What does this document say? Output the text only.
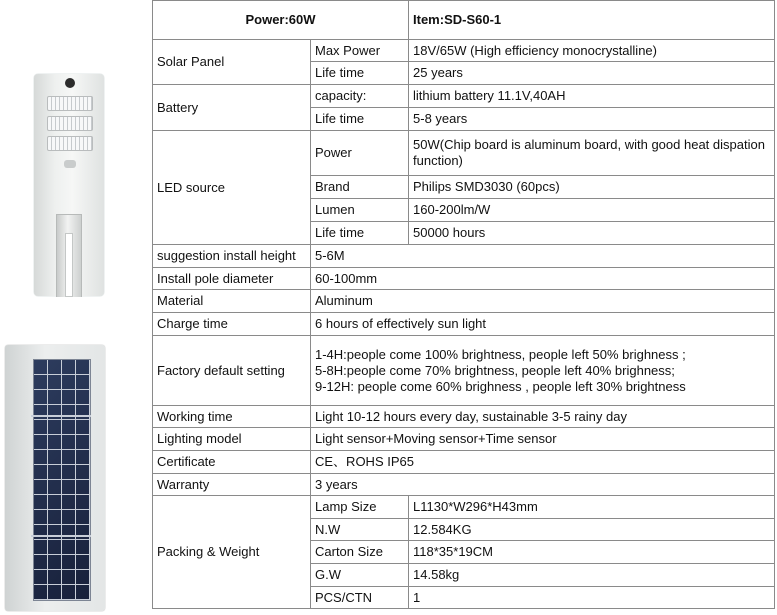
Power:60W		Item:SD-S60-1
Solar Panel	Max Power	18V/65W (High efficiency monocrystalline)
	Life time	25 years
Battery	capacity:	lithium battery 11.1V,40AH
	Life time	5-8 years
LED source	Power	50W(Chip board is aluminum board, with good heat dispation function)
	Brand	Philips SMD3030 (60pcs)
	Lumen	160-200lm/W
	Life time	50000 hours
suggestion install height	5-6M	
Install pole diameter	60-100mm	
Material	Aluminum	
Charge time	6 hours of effectively sun light	
Factory default setting	1-4H:people come 100% brightness, people left 50% brighness ;
5-8H:people come 70% brightness, people left 40% brighness;
9-12H: people come 60% brighness , people left 30% brightness	

Working time	Light 10-12 hours every day, sustainable 3-5 rainy day	
Lighting model	Light sensor+Moving sensor+Time sensor	
Certificate	CE、ROHS IP65	
Warranty	3 years	
Packing & Weight	Lamp Size	L1130*W296*H43mm
	N.W	12.584KG
	Carton Size	118*35*19CM
	G.W	14.58kg
	PCS/CTN	1
